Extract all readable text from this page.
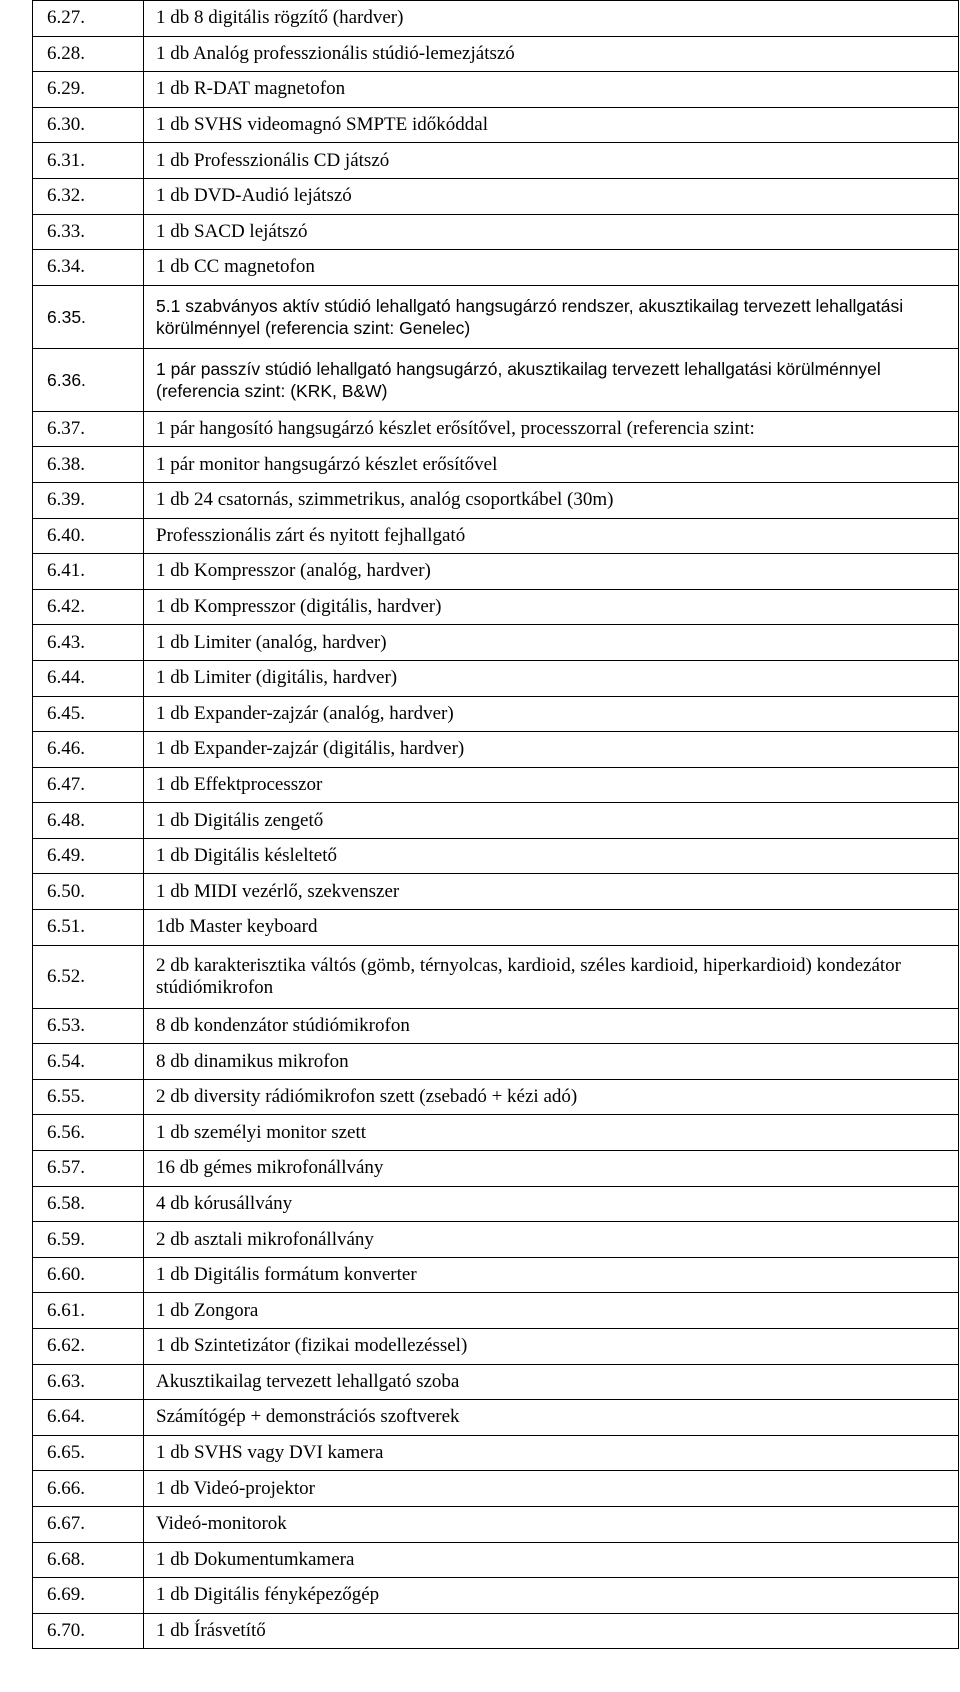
6.27.	1 db 8 digitális rögzítő (hardver)
6.28.	1 db Analóg professzionális stúdió-lemezjátszó
6.29.	1 db R-DAT magnetofon
6.30.	1 db SVHS videomagnó SMPTE időkóddal
6.31.	1 db Professzionális CD játszó
6.32.	1 db DVD-Audió lejátszó
6.33.	1 db SACD lejátszó
6.34.	1 db CC magnetofon
6.35.	5.1 szabványos aktív stúdió lehallgató hangsugárzó rendszer, akusztikailag tervezett lehallgatási körülménnyel (referencia szint: Genelec)
6.36.	1 pár passzív stúdió lehallgató hangsugárzó, akusztikailag tervezett lehallgatási körülménnyel (referencia szint: (KRK, B&W)
6.37.	1 pár hangosító hangsugárzó készlet erősítővel, processzorral (referencia szint:
6.38.	1 pár monitor hangsugárzó készlet erősítővel
6.39.	1 db 24 csatornás, szimmetrikus, analóg csoportkábel (30m)
6.40.	Professzionális zárt és nyitott fejhallgató
6.41.	1 db Kompresszor (analóg, hardver)
6.42.	1 db Kompresszor (digitális, hardver)
6.43.	1 db Limiter (analóg, hardver)
6.44.	1 db Limiter (digitális, hardver)
6.45.	1 db Expander-zajzár (analóg, hardver)
6.46.	1 db Expander-zajzár (digitális, hardver)
6.47.	1 db Effektprocesszor
6.48.	1 db Digitális zengető
6.49.	1 db Digitális késleltető
6.50.	1 db MIDI vezérlő, szekvenszer
6.51.	1db Master keyboard
6.52.	2 db karakterisztika váltós (gömb, térnyolcas, kardioid, széles kardioid, hiperkardioid) kondezátor stúdiómikrofon
6.53.	8 db kondenzátor stúdiómikrofon
6.54.	8 db dinamikus mikrofon
6.55.	2 db diversity rádiómikrofon szett (zsebadó + kézi adó)
6.56.	1 db személyi monitor szett
6.57.	16 db gémes mikrofonállvány
6.58.	4 db kórusállvány
6.59.	2 db asztali mikrofonállvány
6.60.	1 db Digitális formátum konverter
6.61.	1 db Zongora
6.62.	1 db Szintetizátor (fizikai modellezéssel)
6.63.	Akusztikailag tervezett lehallgató szoba
6.64.	Számítógép + demonstrációs szoftverek
6.65.	1 db SVHS vagy DVI kamera
6.66.	1 db Videó-projektor
6.67.	Videó-monitorok
6.68.	1 db Dokumentumkamera
6.69.	1 db Digitális fényképezőgép
6.70.	1 db Írásvetítő
